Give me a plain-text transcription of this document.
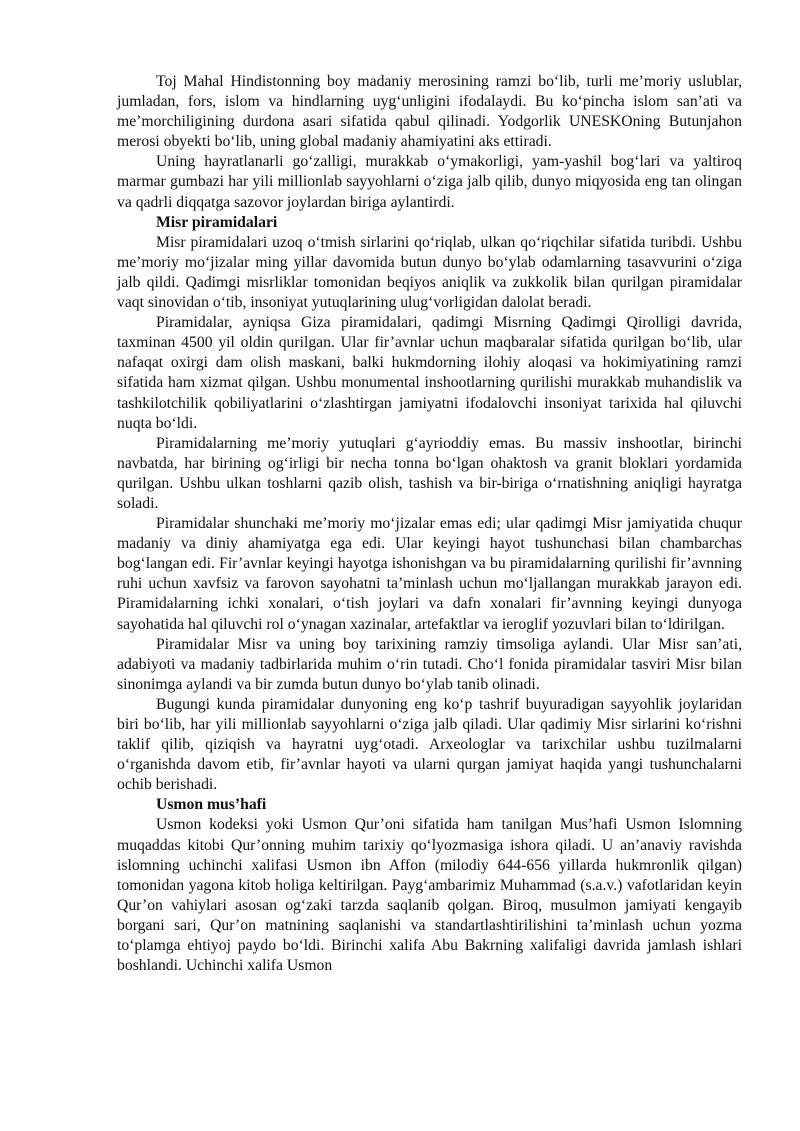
Toj Mahal Hindistonning boy madaniy merosining ramzi bo‘lib, turli me’moriy uslublar, jumladan, fors, islom va hindlarning uyg‘unligini ifodalaydi. Bu ko‘pincha islom san’ati va me’morchiligining durdona asari sifatida qabul qilinadi. Yodgorlik UNESKOning Butunjahon merosi obyekti bo‘lib, uning global madaniy ahamiyatini aks ettiradi.

Uning hayratlanarli go‘zalligi, murakkab o‘ymakorligi, yam-yashil bog‘lari va yaltiroq marmar gumbazi har yili millionlab sayyohlarni o‘ziga jalb qilib, dunyo miqyosida eng tan olingan va qadrli diqqatga sazovor joylardan biriga aylantirdi.

Misr piramidalari

Misr piramidalari uzoq o‘tmish sirlarini qo‘riqlab, ulkan qo‘riqchilar sifatida turibdi. Ushbu me’moriy mo‘jizalar ming yillar davomida butun dunyo bo‘ylab odamlarning tasavvurini o‘ziga jalb qildi. Qadimgi misrliklar tomonidan beqiyos aniqlik va zukkolik bilan qurilgan piramidalar vaqt sinovidan o‘tib, insoniyat yutuqlarining ulug‘vorligidan dalolat beradi.

Piramidalar, ayniqsa Giza piramidalari, qadimgi Misrning Qadimgi Qirolligi davrida, taxminan 4500 yil oldin qurilgan. Ular fir’avnlar uchun maqbaralar sifatida qurilgan bo‘lib, ular nafaqat oxirgi dam olish maskani, balki hukmdorning ilohiy aloqasi va hokimiyatining ramzi sifatida ham xizmat qilgan. Ushbu monumental inshootlarning qurilishi murakkab muhandislik va tashkilotchilik qobiliyatlarini o‘zlashtirgan jamiyatni ifodalovchi insoniyat tarixida hal qiluvchi nuqta bo‘ldi.

Piramidalarning me’moriy yutuqlari g‘ayrioddiy emas. Bu massiv inshootlar, birinchi navbatda, har birining og‘irligi bir necha tonna bo‘lgan ohaktosh va granit bloklari yordamida qurilgan. Ushbu ulkan toshlarni qazib olish, tashish va bir-biriga o‘rnatishning aniqligi hayratga soladi.

Piramidalar shunchaki me’moriy mo‘jizalar emas edi; ular qadimgi Misr jamiyatida chuqur madaniy va diniy ahamiyatga ega edi. Ular keyingi hayot tushunchasi bilan chambarchas bog‘langan edi. Fir’avnlar keyingi hayotga ishonishgan va bu piramidalarning qurilishi fir’avnning ruhi uchun xavfsiz va farovon sayohatni ta’minlash uchun mo‘ljallangan murakkab jarayon edi. Piramidalarning ichki xonalari, o‘tish joylari va dafn xonalari fir’avnning keyingi dunyoga sayohatida hal qiluvchi rol o‘ynagan xazinalar, artefaktlar va ieroglif yozuvlari bilan to‘ldirilgan.

Piramidalar Misr va uning boy tarixining ramziy timsoliga aylandi. Ular Misr san’ati, adabiyoti va madaniy tadbirlarida muhim o‘rin tutadi. Cho‘l fonida piramidalar tasviri Misr bilan sinonimga aylandi va bir zumda butun dunyo bo‘ylab tanib olinadi.

Bugungi kunda piramidalar dunyoning eng ko‘p tashrif buyuradigan sayyohlik joylaridan biri bo‘lib, har yili millionlab sayyohlarni o‘ziga jalb qiladi. Ular qadimiy Misr sirlarini ko‘rishni taklif qilib, qiziqish va hayratni uyg‘otadi. Arxeologlar va tarixchilar ushbu tuzilmalarni o‘rganishda davom etib, fir’avnlar hayoti va ularni qurgan jamiyat haqida yangi tushunchalarni ochib berishadi.

Usmon mus’hafi

Usmon kodeksi yoki Usmon Qur’oni sifatida ham tanilgan Mus’hafi Usmon Islomning muqaddas kitobi Qur’onning muhim tarixiy qo‘lyozmasiga ishora qiladi. U an’anaviy ravishda islomning uchinchi xalifasi Usmon ibn Affon (milodiy 644-656 yillarda hukmronlik qilgan) tomonidan yagona kitob holiga keltirilgan. Payg‘ambarimiz Muhammad (s.a.v.) vafotlaridan keyin Qur’on vahiylari asosan og‘zaki tarzda saqlanib qolgan. Biroq, musulmon jamiyati kengayib borgani sari, Qur’on matnining saqlanishi va standartlashtirilishini ta’minlash uchun yozma to‘plamga ehtiyoj paydo bo‘ldi. Birinchi xalifa Abu Bakrning xalifaligi davrida jamlash ishlari boshlandi. Uchinchi xalifa Usmon
